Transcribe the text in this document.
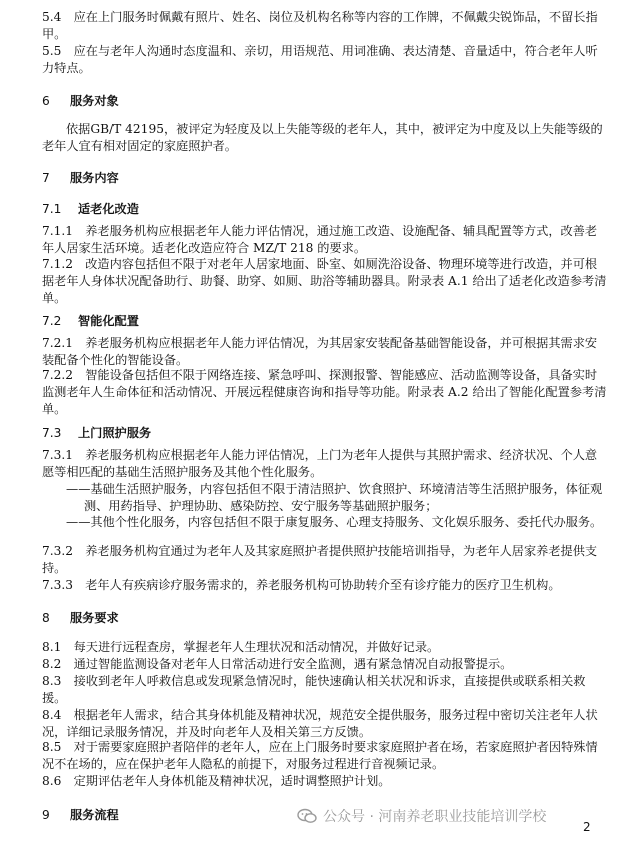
5.4　应在上门服务时佩戴有照片、姓名、岗位及机构名称等内容的工作牌，不佩戴尖锐饰品，不留长指甲。

5.5　应在与老年人沟通时态度温和、亲切，用语规范、用词准确、表达清楚、音量适中，符合老年人听力特点。

6 服务对象

依据GB/T 42195，被评定为轻度及以上失能等级的老年人，其中，被评定为中度及以上失能等级的老年人宜有相对固定的家庭照护者。

7 服务内容
7.1 适老化改造

7.1.1　养老服务机构应根据老年人能力评估情况，通过施工改造、设施配备、辅具配置等方式，改善老年人居家生活环境。适老化改造应符合 MZ/T 218 的要求。

7.1.2　改造内容包括但不限于对老年人居家地面、卧室、如厕洗浴设备、物理环境等进行改造，并可根据老年人身体状况配备助行、助餐、助穿、如厕、助浴等辅助器具。附录表 A.1 给出了适老化改造参考清单。

7.2 智能化配置

7.2.1　养老服务机构应根据老年人能力评估情况，为其居家安装配备基础智能设备，并可根据其需求安装配备个性化的智能设备。

7.2.2　智能设备包括但不限于网络连接、紧急呼叫、探测报警、智能感应、活动监测等设备，具备实时监测老年人生命体征和活动情况、开展远程健康咨询和指导等功能。附录表 A.2 给出了智能化配置参考清单。

7.3 上门照护服务

7.3.1　养老服务机构应根据老年人能力评估情况，上门为老年人提供与其照护需求、经济状况、个人意愿等相匹配的基础生活照护服务及其他个性化服务。

——基础生活照护服务，内容包括但不限于清洁照护、饮食照护、环境清洁等生活照护服务，体征观测、用药指导、护理协助、感染防控、安宁服务等基础照护服务；

——其他个性化服务，内容包括但不限于康复服务、心理支持服务、文化娱乐服务、委托代办服务。

7.3.2　养老服务机构宜通过为老年人及其家庭照护者提供照护技能培训指导，为老年人居家养老提供支持。

7.3.3　老年人有疾病诊疗服务需求的，养老服务机构可协助转介至有诊疗能力的医疗卫生机构。

8 服务要求

8.1　每天进行远程查房，掌握老年人生理状况和活动情况，并做好记录。

8.2　通过智能监测设备对老年人日常活动进行安全监测，遇有紧急情况自动报警提示。

8.3　接收到老年人呼救信息或发现紧急情况时，能快速确认相关状况和诉求，直接提供或联系相关救援。

8.4　根据老年人需求，结合其身体机能及精神状况，规范安全提供服务，服务过程中密切关注老年人状况，详细记录服务情况，并及时向老年人及相关第三方反馈。

8.5　对于需要家庭照护者陪伴的老年人，应在上门服务时要求家庭照护者在场，若家庭照护者因特殊情况不在场的，应在保护老年人隐私的前提下，对服务过程进行音视频记录。

8.6　定期评估老年人身体机能及精神状况，适时调整照护计划。

9 服务流程	公众号 · 河南养老职业技能培训学校
2
